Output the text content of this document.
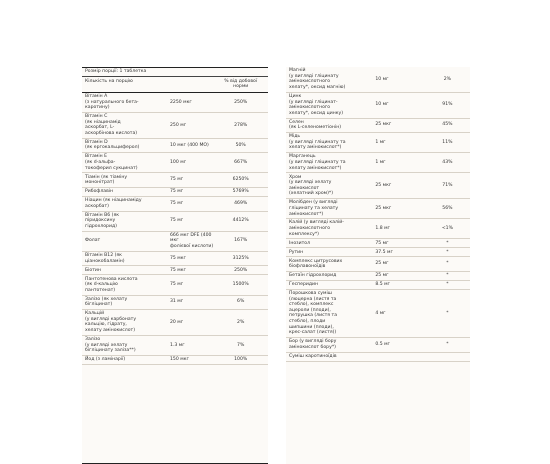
Розмір порції: 1 таблетка
Кількість на порцію	% від добової норми
Вітамін A
(з натурального бета-
каротину)
2250 мкг	250%
Вітамін C
(як ніацинамід
аскорбат, L-
аскорбінова кислота)
250 мг	278%
Вітамін D
(як ергокальциферол)
10 мкг (400 МО)	50%
Вітамін E
(як d-альфа-
токоферил сукцинат)
100 мг	667%
Тіамін (як тіаміну
мононітрат)
75 мг	6250%
Рибофлавін	75 мг	5769%
Ніацин (як ніацинаміду
аскорбат)
75 мг	469%
Вітамін B6 (як
піридоксину
гідрохлорид)
75 мг	4412%
Фолат
666 мкг DFE (400 мкг
фолієвої кислоти)
167%
Вітамін B12 (як
ціанокобаламін)
75 мкг	3125%
Біотин	75 мкг	250%
Пантотенова кислота
(як d-кальцію
пантотенат)
75 мг	1500%
Залізо (як хелату
бігліцинат)
31 мг	6%
Кальцій
(у вигляді карбонату
кальцію, гідрату,
хелату амінокислот)
20 мг	2%
Залізо
(у вигляді хелату
бігліцинату заліза**)
1.3 мг	7%
Йод (з ламінарії)	150 мкг	100%
Магній
(у вигляді гліцинату
амінокислотного
хелату*, оксид магнію)
10 мг	2%
Цинк
(у вигляді гліцинат-
амінокислотного
хелату*, оксид цинку)
10 мг	91%
Селен
(як L-селенометіонін)
25 мкг	45%
Мідь
(у вигляді гліцинату та
хелату амінокислот*)
1 мг	11%
Марганець
(у вигляді гліцинату та
хелату амінокислот*)
1 мг	43%
Хром
(у вигляді хелату
амінокислот
(хелатний хром)*)
25 мкг	71%
Молібден (у вигляді
гліцинату та хелату
амінокислот*)
25 мкг	56%
Калій (у вигляді калій-
амінокислотного
комплексу*)
1.8 мг	<1%
Інозитол	75 мг	*
Рутин	37.5 мг	*
Комплекс цитрусових
біофлавоноїдів
25 мг	*
Бетаїн гідрохлорид	25 мг	*
Гесперидин	8.5 мг	*
Порошкова суміш
(люцерна (листя та
стебло), комплекс
ацероли (плоди),
петрушка (листя та
стебло), плоди
шипшини (плоди),
крес-салат (листя))
4 мг	*
Бор (у вигляді бору
амінокислот бору*)
0.5 мг	*
Суміш каротиноїдів
